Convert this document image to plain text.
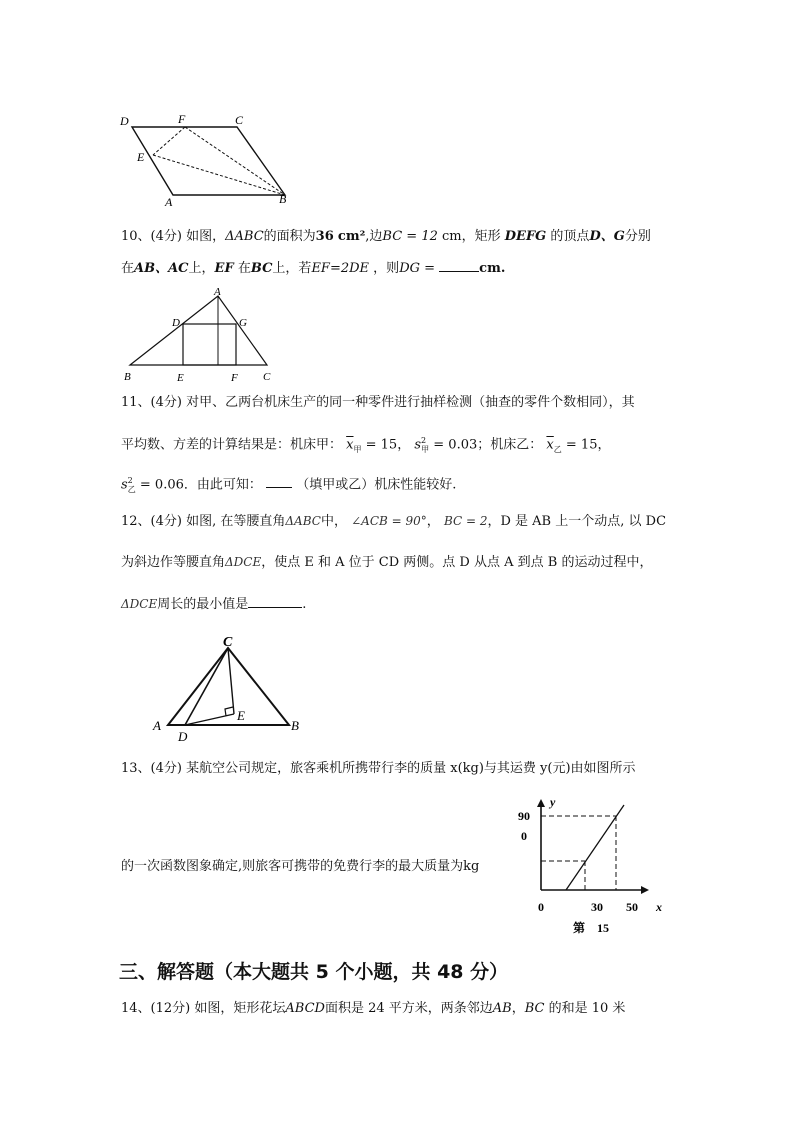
D	F	C
E
A	B
10、(4分) 如图，ΔABC的面积为36 cm²,边BC = 12 cm，矩形 DEFG 的顶点D、G分别
在AB、AC上，EF 在BC上，若EF=2DE ，则DG =	cm.
A
D	G
B	E	F C
11、(4分) 对甲、乙两台机床生产的同一种零件进行抽样检测（抽查的零件个数相同），其
平均数、方差的计算结果是：机床甲： $\overline{x}_甲 = 15$， $s^2_甲 = 0.03$；机床乙： $\overline{x}_乙 = 15$，
$s^2_乙 = 0.06$．由此可知：	（填甲或乙）机床性能较好.
12、(4分) 如图, 在等腰直角ΔABC中， ∠ACB = 90°， BC = 2，D 是 AB 上一个动点, 以 DC
为斜边作等腰直角ΔDCE，使点 E 和 A 位于 CD 两侧。点 D 从点 A 到点 B 的运动过程中，
ΔDCE周长的最小值是	.
C
A
D
E
B
13、(4分) 某航空公司规定，旅客乘机所携带行李的质量 x(kg)与其运费 y(元)由如图所示
的一次函数图象确定,则旅客可携带的免费行李的最大质量为kg
y
90
0
0	30 50 x
第 15
三、解答题（本大题共 5 个小题，共 48 分）
14、(12分) 如图，矩形花坛ABCD面积是 24 平方米，两条邻边AB，BC 的和是 10 米
